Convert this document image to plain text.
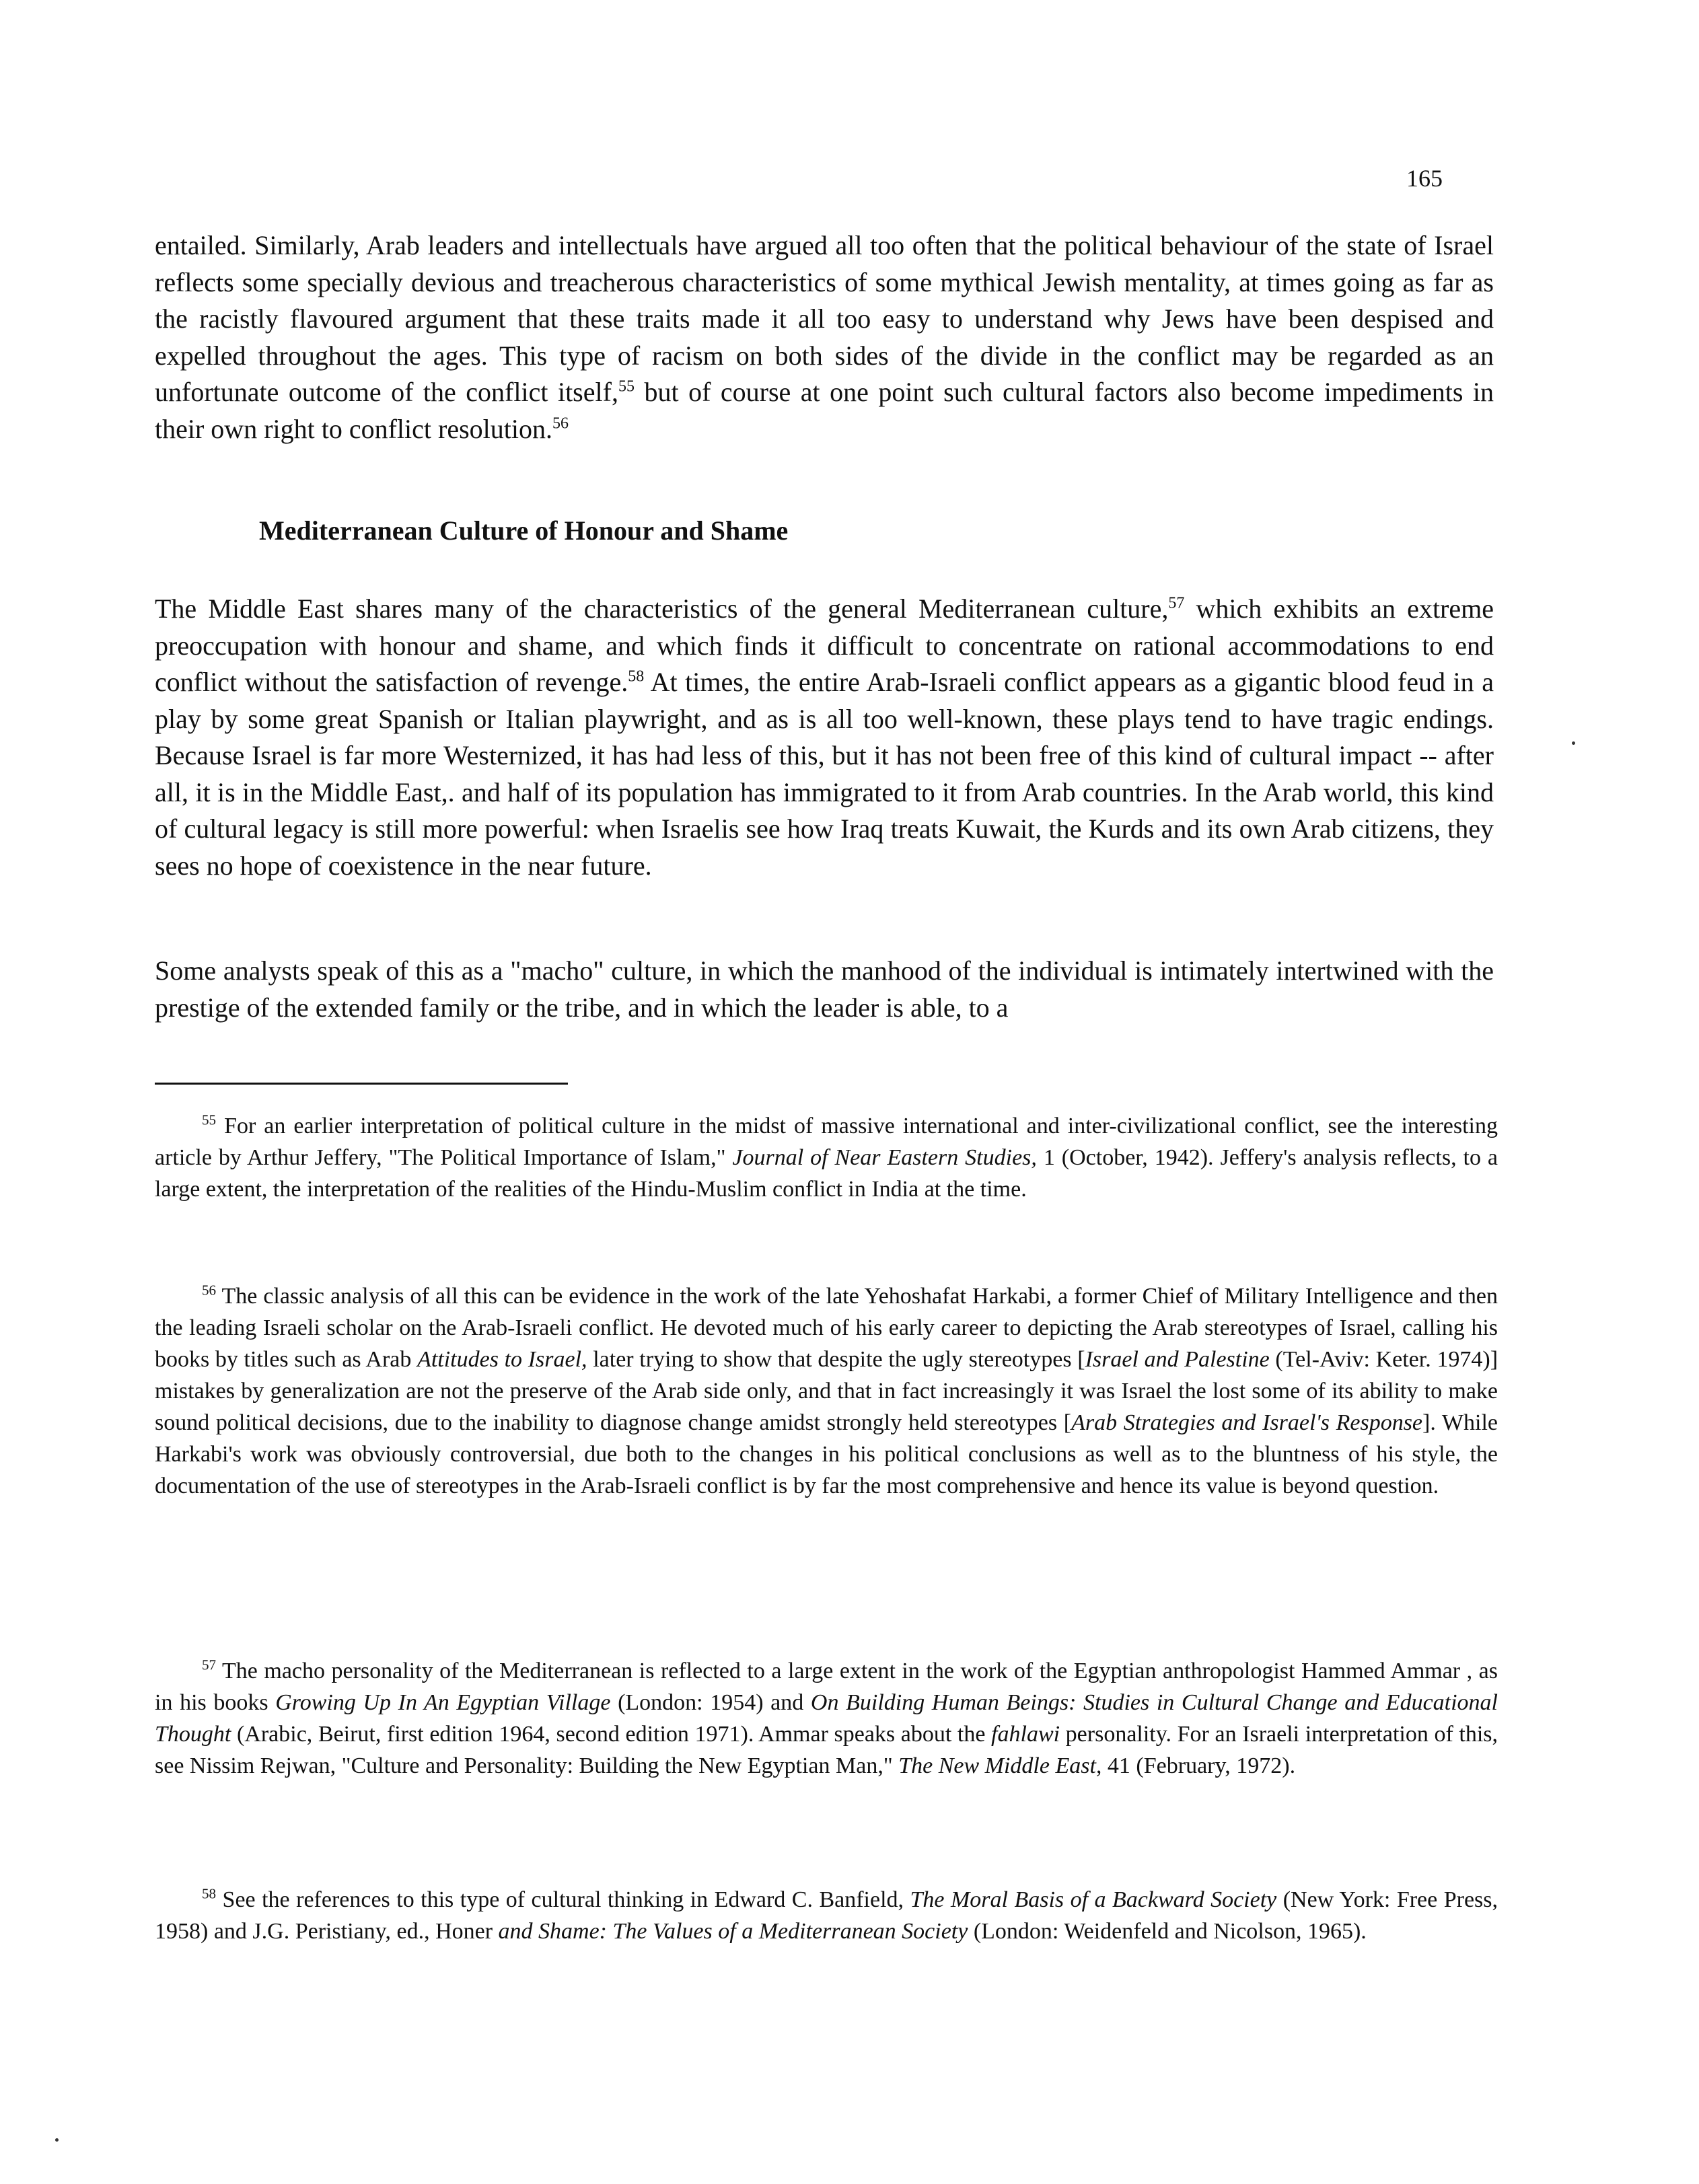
165

entailed. Similarly, Arab leaders and intellectuals have argued all too often that the political behaviour of the state of Israel reflects some specially devious and treacherous characteristics of some mythical Jewish mentality, at times going as far as the racistly flavoured argument that these traits made it all too easy to understand why Jews have been despised and expelled throughout the ages. This type of racism on both sides of the divide in the conflict may be regarded as an unfortunate outcome of the conflict itself,$^{55}$ but of course at one point such cultural factors also become impediments in their own right to conflict resolution.$^{56}$

Mediterranean Culture of Honour and Shame

The Middle East shares many of the characteristics of the general Mediterranean culture,$^{57}$ which exhibits an extreme preoccupation with honour and shame, and which finds it difficult to concentrate on rational accommodations to end conflict without the satisfaction of revenge.$^{58}$ At times, the entire Arab-Israeli conflict appears as a gigantic blood feud in a play by some great Spanish or Italian playwright, and as is all too well-known, these plays tend to have tragic endings. Because Israel is far more Westernized, it has had less of this, but it has not been free of this kind of cultural impact -- after all, it is in the Middle East,. and half of its population has immigrated to it from Arab countries. In the Arab world, this kind of cultural legacy is still more powerful: when Israelis see how Iraq treats Kuwait, the Kurds and its own Arab citizens, they sees no hope of coexistence in the near future.

Some analysts speak of this as a "macho" culture, in which the manhood of the individual is intimately intertwined with the prestige of the extended family or the tribe, and in which the leader is able, to a

$^{55}$ For an earlier interpretation of political culture in the midst of massive international and inter-civilizational conflict, see the interesting article by Arthur Jeffery, "The Political Importance of Islam," Journal of Near Eastern Studies, 1 (October, 1942). Jeffery's analysis reflects, to a large extent, the interpretation of the realities of the Hindu-Muslim conflict in India at the time.

$^{56}$ The classic analysis of all this can be evidence in the work of the late Yehoshafat Harkabi, a former Chief of Military Intelligence and then the leading Israeli scholar on the Arab-Israeli conflict. He devoted much of his early career to depicting the Arab stereotypes of Israel, calling his books by titles such as Arab Attitudes to Israel, later trying to show that despite the ugly stereotypes [Israel and Palestine (Tel-Aviv: Keter. 1974)] mistakes by generalization are not the preserve of the Arab side only, and that in fact increasingly it was Israel the lost some of its ability to make sound political decisions, due to the inability to diagnose change amidst strongly held stereotypes [Arab Strategies and Israel's Response]. While Harkabi's work was obviously controversial, due both to the changes in his political conclusions as well as to the bluntness of his style, the documentation of the use of stereotypes in the Arab-Israeli conflict is by far the most comprehensive and hence its value is beyond question.

$^{57}$ The macho personality of the Mediterranean is reflected to a large extent in the work of the Egyptian anthropologist Hammed Ammar , as in his books Growing Up In An Egyptian Village (London: 1954) and On Building Human Beings: Studies in Cultural Change and Educational Thought (Arabic, Beirut, first edition 1964, second edition 1971). Ammar speaks about the fahlawi personality. For an Israeli interpretation of this, see Nissim Rejwan, "Culture and Personality: Building the New Egyptian Man," The New Middle East, 41 (February, 1972).

$^{58}$ See the references to this type of cultural thinking in Edward C. Banfield, The Moral Basis of a Backward Society (New York: Free Press, 1958) and J.G. Peristiany, ed., Honer and Shame: The Values of a Mediterranean Society (London: Weidenfeld and Nicolson, 1965).
